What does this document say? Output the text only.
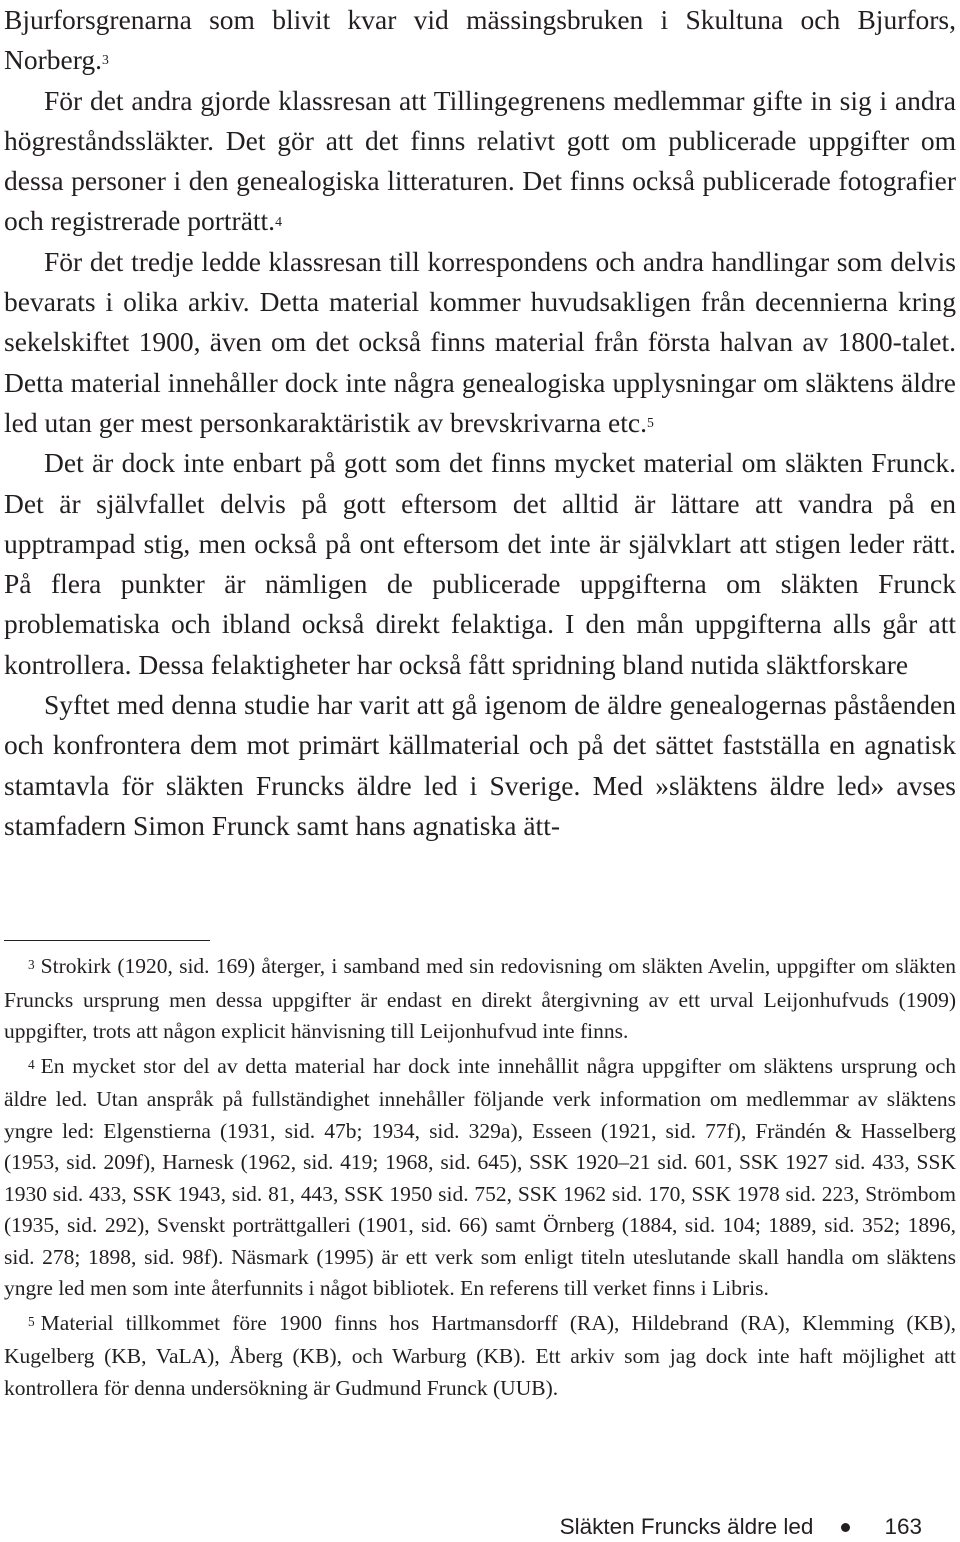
Bjurforsgrenarna som blivit kvar vid mässingsbruken i Skultuna och Bjurfors, Norberg.$^3$

För det andra gjorde klassresan att Tillingegrenens medlemmar gifte in sig i andra högreståndssläkter. Det gör att det finns relativt gott om publicerade uppgifter om dessa personer i den genealogiska litteraturen. Det finns också publicerade fotografier och registrerade porträtt.$^4$

För det tredje ledde klassresan till korrespondens och andra handlingar som delvis bevarats i olika arkiv. Detta material kommer huvudsakligen från decennierna kring sekelskiftet 1900, även om det också finns material från första halvan av 1800-talet. Detta material innehåller dock inte några genealogiska upplysningar om släktens äldre led utan ger mest personkaraktäristik av brevskrivarna etc.$^5$

Det är dock inte enbart på gott som det finns mycket material om släkten Frunck. Det är självfallet delvis på gott eftersom det alltid är lättare att vandra på en upptrampad stig, men också på ont eftersom det inte är självklart att stigen leder rätt. På flera punkter är nämligen de publicerade uppgifterna om släkten Frunck problematiska och ibland också direkt felaktiga. I den mån uppgifterna alls går att kontrollera. Dessa felaktigheter har också fått spridning bland nutida släktforskare

Syftet med denna studie har varit att gå igenom de äldre genealogernas påståenden och konfrontera dem mot primärt källmaterial och på det sättet fastställa en agnatisk stamtavla för släkten Fruncks äldre led i Sverige. Med »släktens äldre led» avses stamfadern Simon Frunck samt hans agnatiska ätt-

3 Strokirk (1920, sid. 169) återger, i samband med sin redovisning om släkten Avelin, uppgifter om släkten Fruncks ursprung men dessa uppgifter är endast en direkt återgivning av ett urval Leijonhufvuds (1909) uppgifter, trots att någon explicit hänvisning till Leijonhufvud inte finns.

4 En mycket stor del av detta material har dock inte innehållit några uppgifter om släktens ursprung och äldre led. Utan anspråk på fullständighet innehåller följande verk information om medlemmar av släktens yngre led: Elgenstierna (1931, sid. 47b; 1934, sid. 329a), Esseen (1921, sid. 77f), Frändén & Hasselberg (1953, sid. 209f), Harnesk (1962, sid. 419; 1968, sid. 645), SSK 1920–21 sid. 601, SSK 1927 sid. 433, SSK 1930 sid. 433, SSK 1943, sid. 81, 443, SSK 1950 sid. 752, SSK 1962 sid. 170, SSK 1978 sid. 223, Strömbom (1935, sid. 292), Svenskt porträttgalleri (1901, sid. 66) samt Örnberg (1884, sid. 104; 1889, sid. 352; 1896, sid. 278; 1898, sid. 98f). Näsmark (1995) är ett verk som enligt titeln uteslutande skall handla om släktens yngre led men som inte återfunnits i något bibliotek. En referens till verket finns i Libris.

5 Material tillkommet före 1900 finns hos Hartmansdorff (RA), Hildebrand (RA), Klemming (KB), Kugelberg (KB, VaLA), Åberg (KB), och Warburg (KB). Ett arkiv som jag dock inte haft möjlighet att kontrollera för denna undersökning är Gudmund Frunck (UUB).

Släkten Fruncks äldre led	163
